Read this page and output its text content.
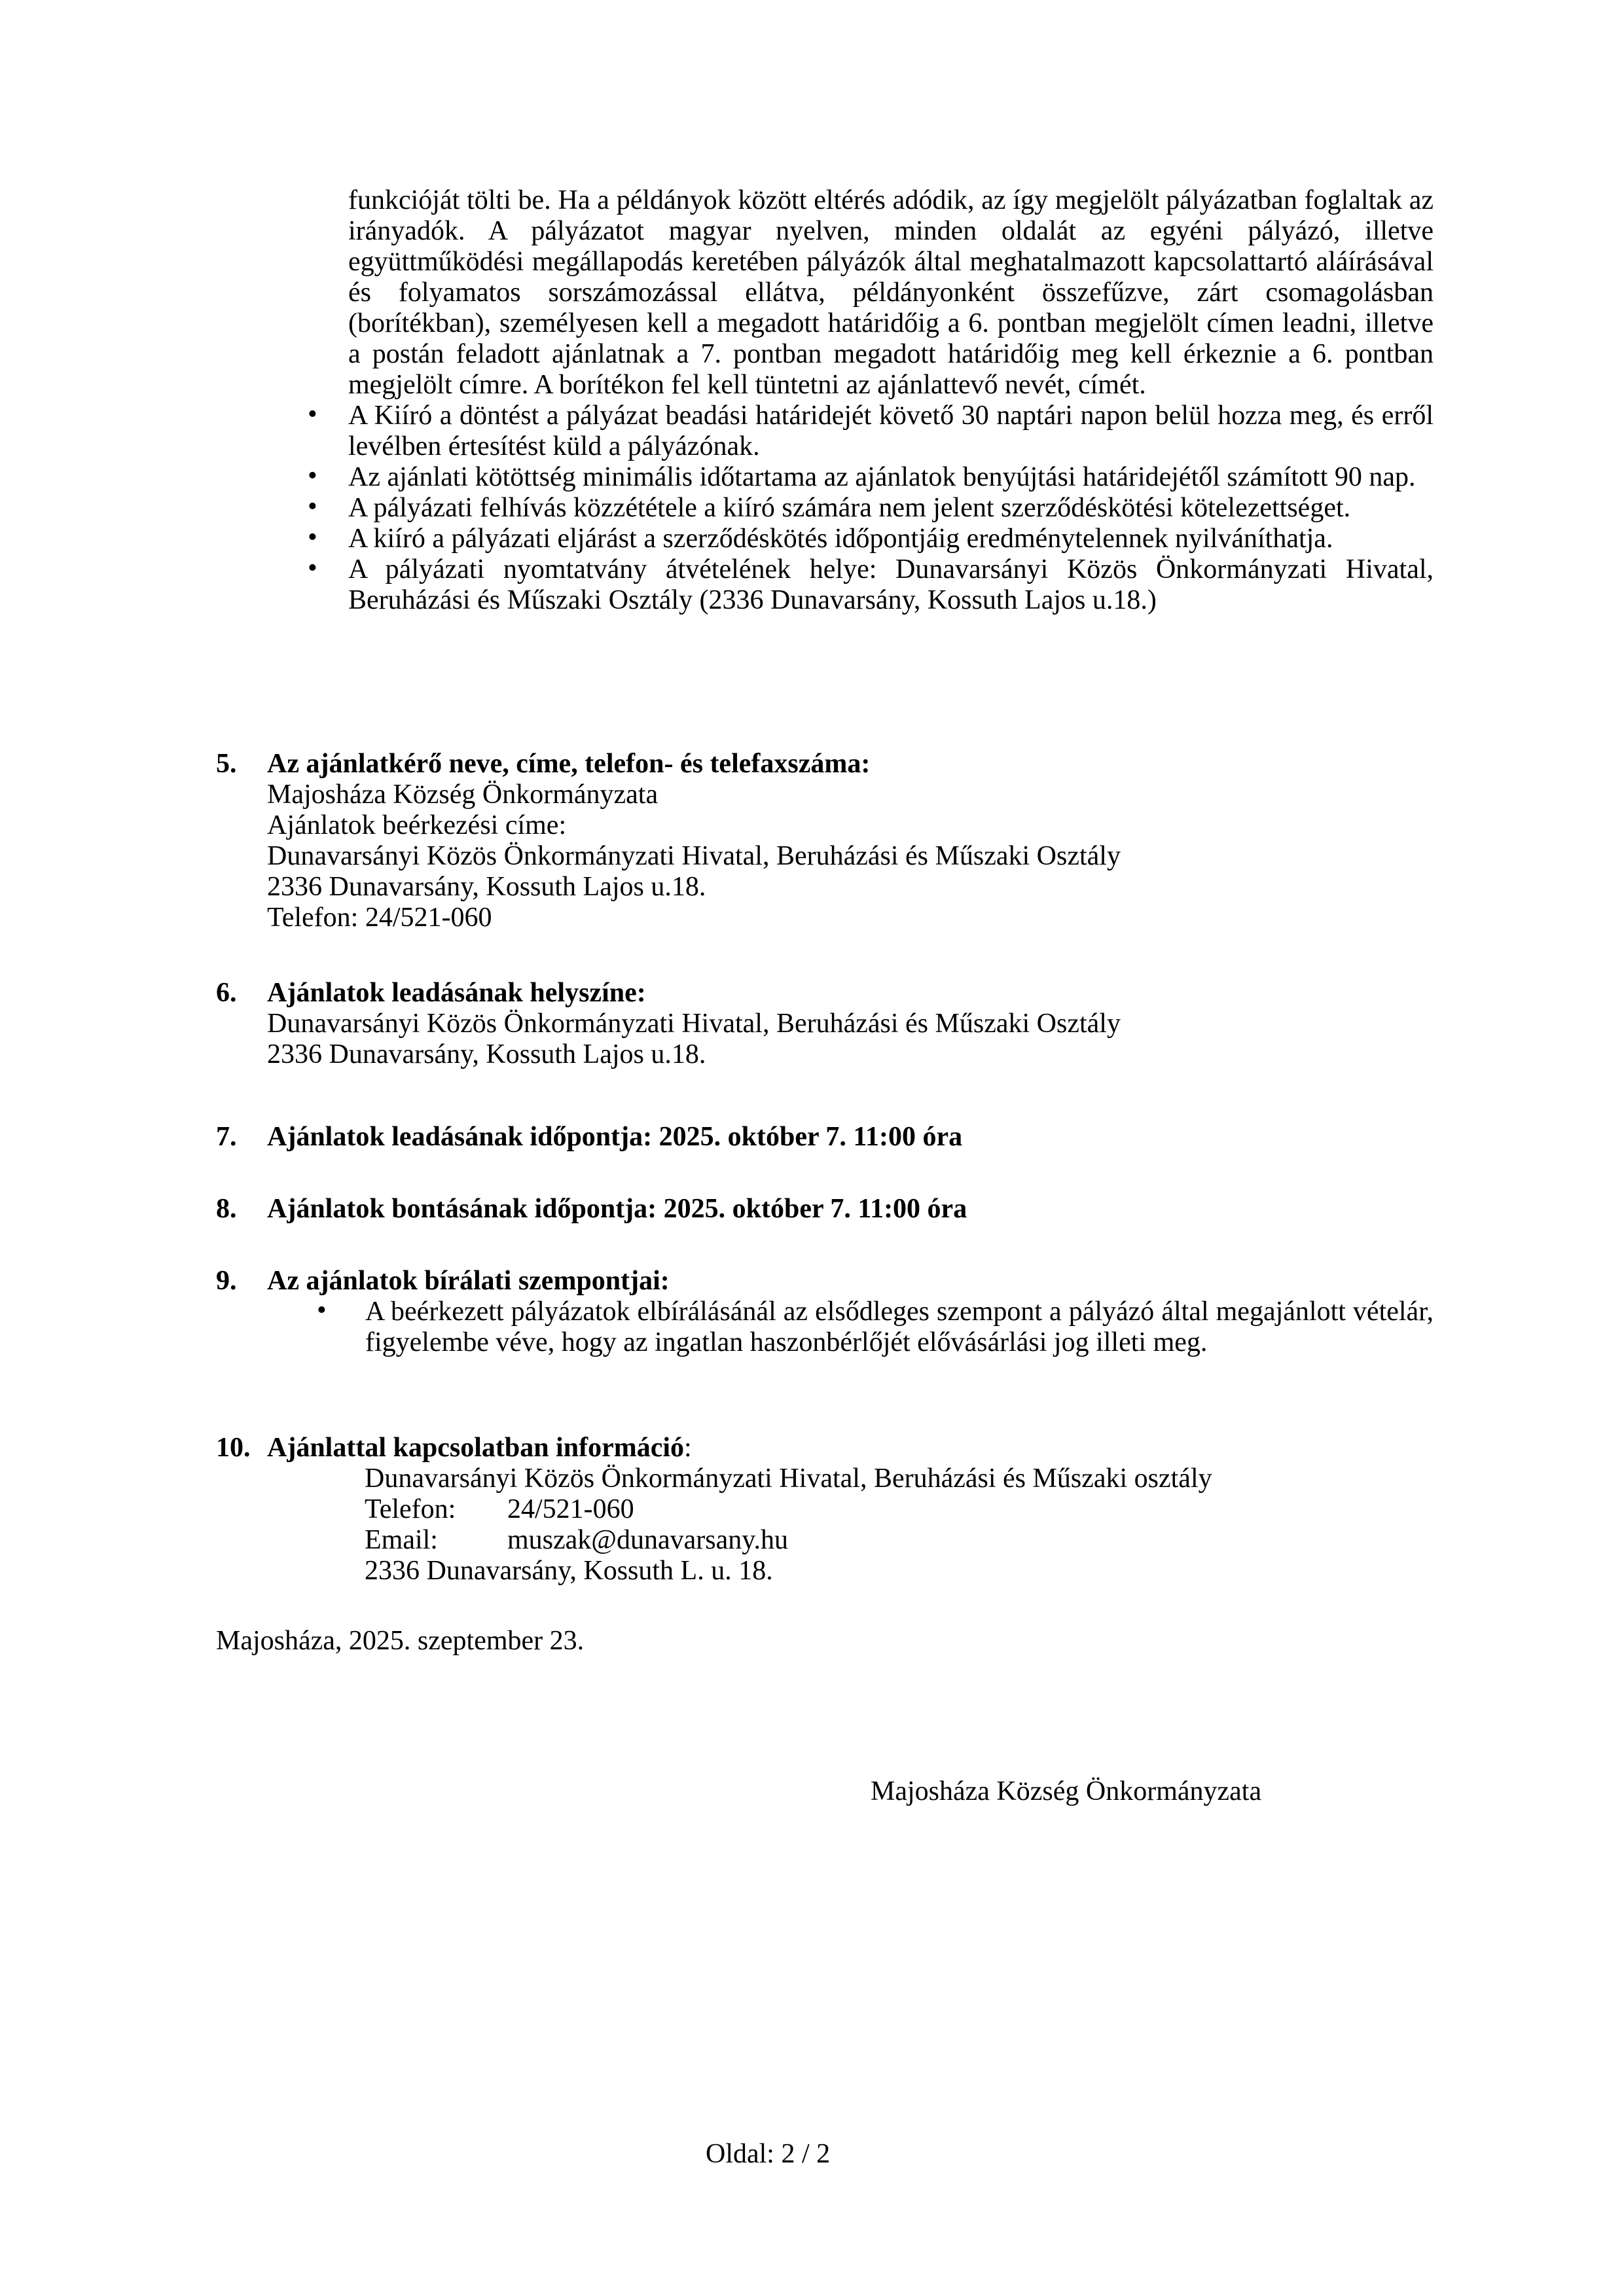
funkcióját tölti be. Ha a példányok között eltérés adódik, az így megjelölt pályázatban foglaltak az irányadók. A pályázatot magyar nyelven, minden oldalát az egyéni pályázó, illetve együttműködési megállapodás keretében pályázók által meghatalmazott kapcsolattartó aláírásával és folyamatos sorszámozással ellátva, példányonként összefűzve, zárt csomagolásban (borítékban), személyesen kell a megadott határidőig a 6. pontban megjelölt címen leadni, illetve a postán feladott ajánlatnak a 7. pontban megadott határidőig meg kell érkeznie a 6. pontban megjelölt címre. A borítékon fel kell tüntetni az ajánlattevő nevét, címét.

• A Kiíró a döntést a pályázat beadási határidejét követő 30 naptári napon belül hozza meg, és erről levélben értesítést küld a pályázónak.
• Az ajánlati kötöttség minimális időtartama az ajánlatok benyújtási határidejétől számított 90 nap.
• A pályázati felhívás közzététele a kiíró számára nem jelent szerződéskötési kötelezettséget.
• A kiíró a pályázati eljárást a szerződéskötés időpontjáig eredménytelennek nyilváníthatja.
• A pályázati nyomtatvány átvételének helye: Dunavarsányi Közös Önkormányzati Hivatal, Beruházási és Műszaki Osztály (2336 Dunavarsány, Kossuth Lajos u.18.)
5.	Az ajánlatkérő neve, címe, telefon- és telefaxszáma:
Majosháza Község Önkormányzata
Ajánlatok beérkezési címe:
Dunavarsányi Közös Önkormányzati Hivatal, Beruházási és Műszaki Osztály
2336 Dunavarsány, Kossuth Lajos u.18.
Telefon: 24/521-060
6.	Ajánlatok leadásának helyszíne:
Dunavarsányi Közös Önkormányzati Hivatal, Beruházási és Műszaki Osztály
2336 Dunavarsány, Kossuth Lajos u.18.
7.	Ajánlatok leadásának időpontja: 2025. október 7. 11:00 óra
8.	Ajánlatok bontásának időpontja: 2025. október 7. 11:00 óra
9.	Az ajánlatok bírálati szempontjai:
• A beérkezett pályázatok elbírálásánál az elsődleges szempont a pályázó által megajánlott vételár, figyelembe véve, hogy az ingatlan haszonbérlőjét elővásárlási jog illeti meg.
10. Ajánlattal kapcsolatban információ:
Dunavarsányi Közös Önkormányzati Hivatal, Beruházási és Műszaki osztály
Telefon:	24/521-060
Email:	muszak@dunavarsany.hu
2336 Dunavarsány, Kossuth L. u. 18.
Majosháza, 2025. szeptember 23.
Majosháza Község Önkormányzata
Oldal: 2 / 2
